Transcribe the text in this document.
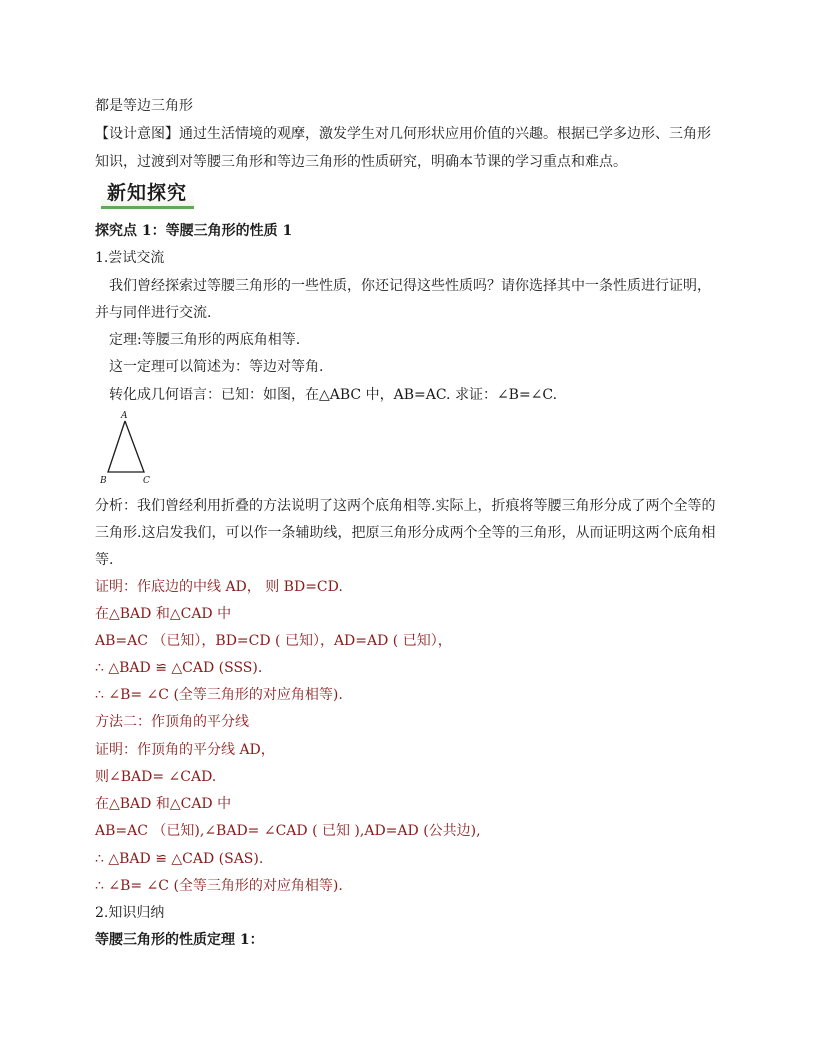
都是等边三角形

【设计意图】通过生活情境的观摩，激发学生对几何形状应用价值的兴趣。根据已学多边形、三角形

知识，过渡到对等腰三角形和等边三角形的性质研究，明确本节课的学习重点和难点。

新知探究

探究点 1：等腰三角形的性质 1

1.尝试交流

我们曾经探索过等腰三角形的一些性质，你还记得这些性质吗？请你选择其中一条性质进行证明，

并与同伴进行交流.

定理:等腰三角形的两底角相等.

这一定理可以简述为：等边对等角.

转化成几何语言：已知：如图，在△ABC 中，AB=AC. 求证：∠B=∠C.

A
B	C

分析：我们曾经利用折叠的方法说明了这两个底角相等.实际上，折痕将等腰三角形分成了两个全等的

三角形.这启发我们，可以作一条辅助线，把原三角形分成两个全等的三角形，从而证明这两个底角相

等.

证明：作底边的中线 AD， 则 BD=CD.

在△BAD 和△CAD 中

AB=AC （已知），BD=CD ( 已知），AD=AD ( 已知），

∴ △BAD ≌ △CAD (SSS).

∴ ∠B= ∠C (全等三角形的对应角相等).

方法二：作顶角的平分线

证明：作顶角的平分线 AD，

则∠BAD= ∠CAD.

在△BAD 和△CAD 中

AB=AC （已知),∠BAD= ∠CAD ( 已知 ),AD=AD (公共边),

∴ △BAD ≌ △CAD (SAS).

∴ ∠B= ∠C (全等三角形的对应角相等).

2.知识归纳

等腰三角形的性质定理 1：
